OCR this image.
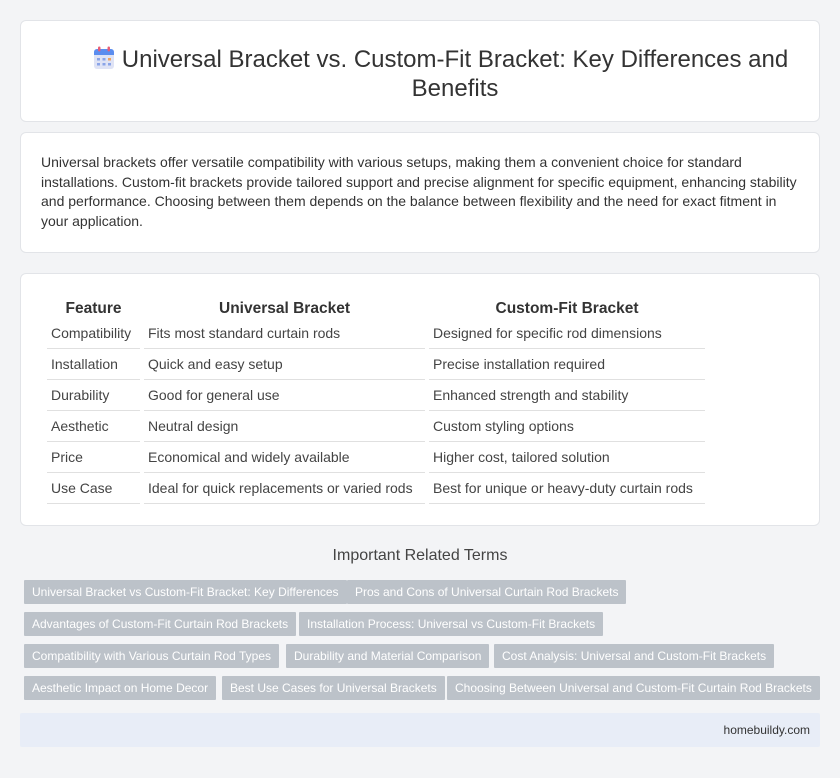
Universal Bracket vs. Custom-Fit Bracket: Key Differences and Benefits

Universal brackets offer versatile compatibility with various setups, making them a convenient choice for standard installations. Custom-fit brackets provide tailored support and precise alignment for specific equipment, enhancing stability and performance. Choosing between them depends on the balance between flexibility and the need for exact fitment in your application.

Feature	Universal Bracket	Custom-Fit Bracket
Compatibility	Fits most standard curtain rods	Designed for specific rod dimensions
Installation	Quick and easy setup	Precise installation required
Durability	Good for general use	Enhanced strength and stability
Aesthetic	Neutral design	Custom styling options
Price	Economical and widely available	Higher cost, tailored solution
Use Case	Ideal for quick replacements or varied rods	Best for unique or heavy-duty curtain rods
Important Related Terms
Universal Bracket vs Custom-Fit Bracket: Key Differences	Pros and Cons of Universal Curtain Rod Brackets
Advantages of Custom-Fit Curtain Rod Brackets	Installation Process: Universal vs Custom-Fit Brackets
Compatibility with Various Curtain Rod Types	Durability and Material Comparison	Cost Analysis: Universal and Custom-Fit Brackets
Aesthetic Impact on Home Decor	Best Use Cases for Universal Brackets	Choosing Between Universal and Custom-Fit Curtain Rod Brackets
homebuildy.com
